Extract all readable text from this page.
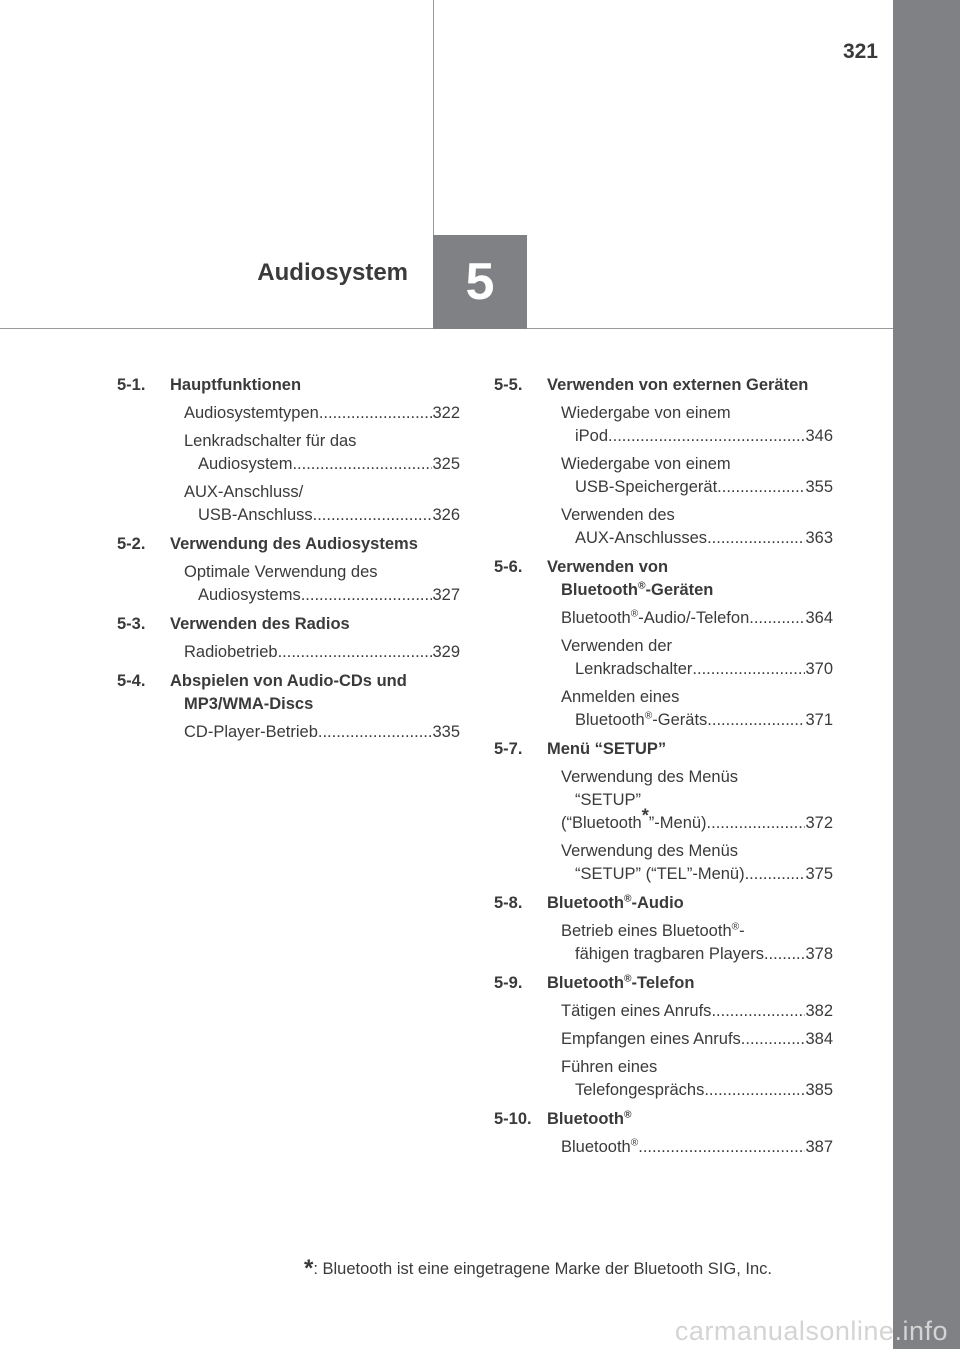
321
Audiosystem 5
5-1.	Hauptfunktionen
Audiosystemtypen .....	322
Lenkradschalter für das
Audiosystem .....	325
AUX-Anschluss/
USB-Anschluss .....	326
5-2.	Verwendung des Audiosystems
Optimale Verwendung des
Audiosystems .....	327
5-3.	Verwenden des Radios
Radiobetrieb .....	329
5-4.	Abspielen von Audio-CDs und MP3/WMA-Discs
CD-Player-Betrieb .....	335
5-5.	Verwenden von externen Geräten
Wiedergabe von einem
iPod .....	346
Wiedergabe von einem
USB-Speichergerät .....	355
Verwenden des
AUX-Anschlusses .....	363
5-6.	Verwenden von
Bluetooth®-Geräten
Bluetooth®-Audio/-Telefon .....	364
Verwenden der
Lenkradschalter .....	370
Anmelden eines
Bluetooth®-Geräts .....	371
5-7.	Menü “SETUP”
Verwendung des Menüs
“SETUP”
(“Bluetooth*”-Menü) .....	372
Verwendung des Menüs
“SETUP” (“TEL”-Menü) .....	375
5-8.	Bluetooth®-Audio
Betrieb eines Bluetooth®-
fähigen tragbaren Players .....	378
5-9.	Bluetooth®-Telefon
Tätigen eines Anrufs .....	382
Empfangen eines Anrufs .....	384
Führen eines
Telefongesprächs .....	385
5-10. Bluetooth®
Bluetooth® .....	387
*: Bluetooth ist eine eingetragene Marke der Bluetooth SIG, Inc.
carmanualsonline.info
